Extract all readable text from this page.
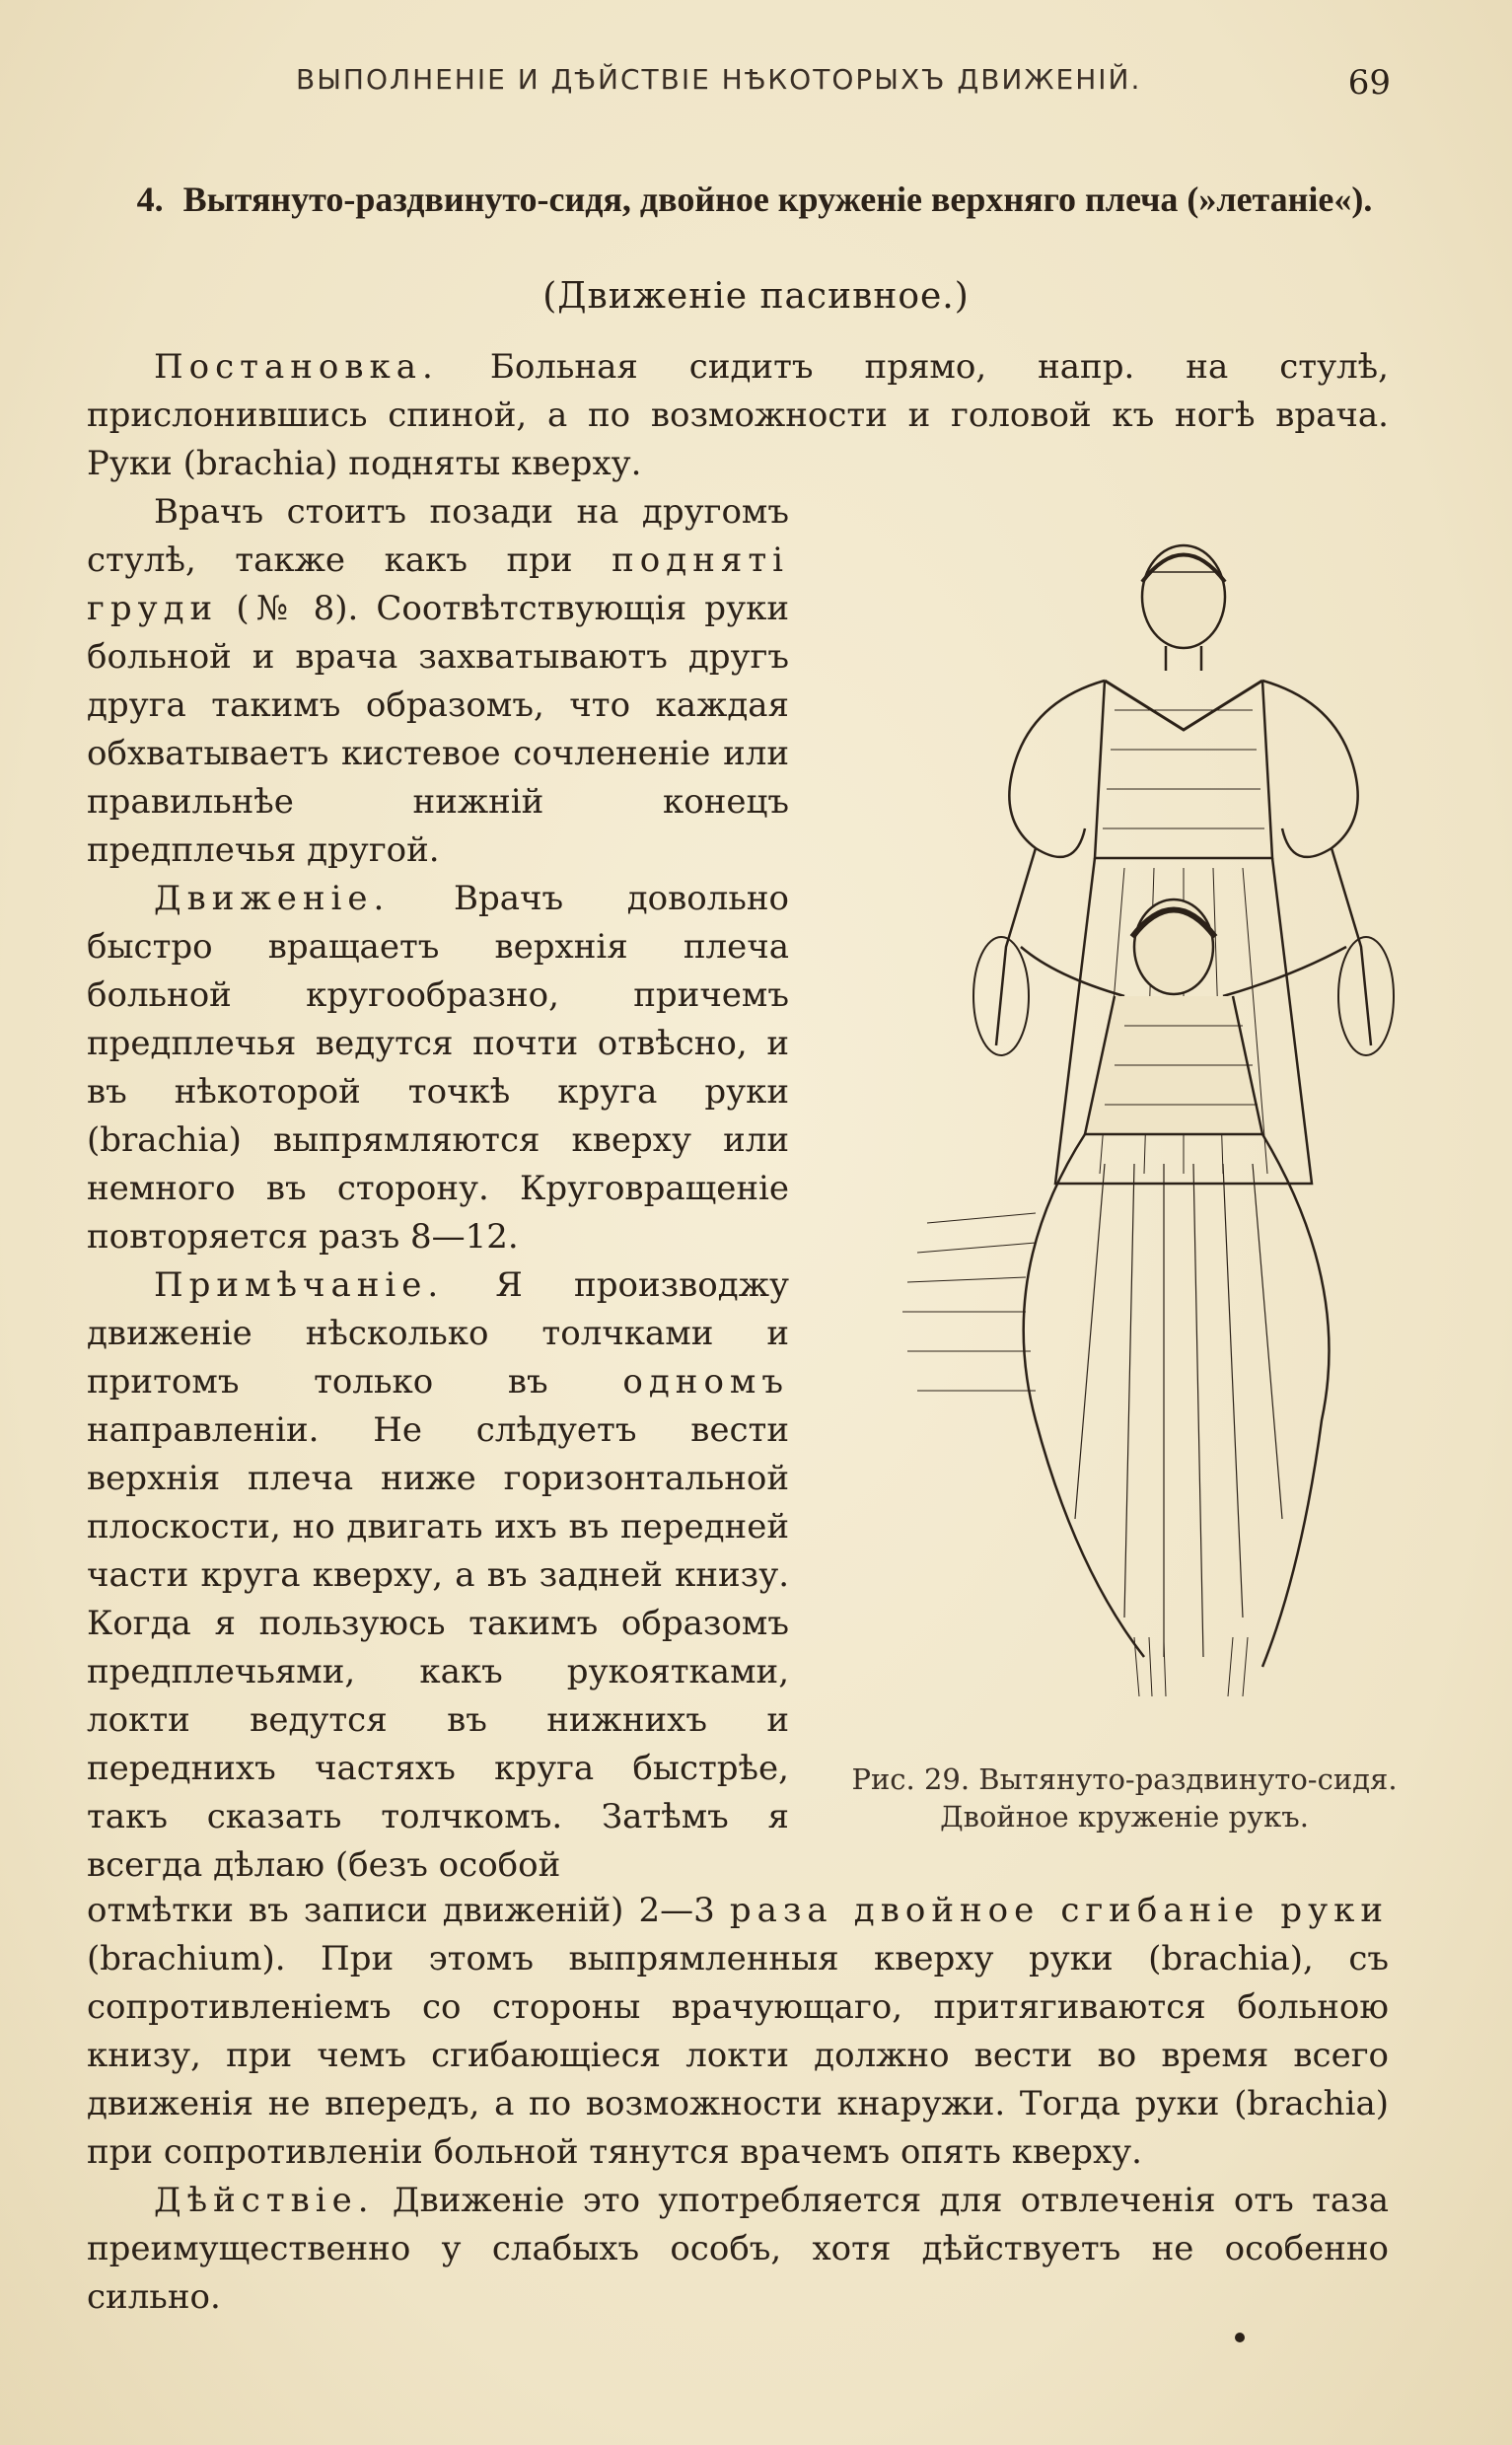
ВЫПОЛНЕНІЕ И ДѢЙСТВІЕ НѢКОТОРЫХЪ ДВИЖЕНІЙ.	69
4. Вытянуто-раздвинуто-сидя, двойное круженіе верхняго плеча (»летаніе«).
(Движеніе пасивное.)

Постановка. Больная сидитъ прямо, напр. на стулѣ, прислонившись спиной, а по возможности и головой къ ногѣ врача. Руки (brachia) подняты кверху.

Врачъ стоитъ позади на другомъ стулѣ, также какъ при подняті груди (№ 8). Соотвѣтствующія руки больной и врача захватываютъ другъ друга такимъ образомъ, что каждая обхватываетъ кистевое сочлененіе или правильнѣе нижній конецъ предплечья другой.

Движеніе. Врачъ довольно быстро вращаетъ верхнія плеча больной кругообразно, причемъ предплечья ведутся почти отвѣсно, и въ нѣкоторой точкѣ круга руки (brachia) выпрямляются кверху или немного въ сторону. Круговращеніе повторяется разъ 8—12.

Примѣчаніе. Я производжу движеніе нѣсколько толчками и притомъ только въ одномъ направленіи. Не слѣдуетъ вести верхнія плеча ниже горизонтальной плоскости, но двигать ихъ въ передней части круга кверху, а въ задней книзу. Когда я пользуюсь такимъ образомъ предплечьями, какъ рукоятками, локти ведутся въ нижнихъ и переднихъ частяхъ круга быстрѣе, такъ сказать толчкомъ. Затѣмъ я всегда дѣлаю (безъ особой

отмѣтки въ записи движеній) 2—3 раза двойное сгибаніе руки (brachium). При этомъ выпрямленныя кверху руки (brachia), съ сопротивленіемъ со стороны врачующаго, притягиваются больною книзу, при чемъ сгибающіеся локти должно вести во время всего движенія не впередъ, а по возможности кнаружи. Тогда руки (brachia) при сопротивленіи больной тянутся врачемъ опять кверху.

Дѣйствіе. Движеніе это употребляется для отвлеченія отъ таза преимущественно у слабыхъ особъ, хотя дѣйствуетъ не особенно сильно.

Рис. 29. Вытянуто-раздвинуто-сидя. Двойное круженіе рукъ.
